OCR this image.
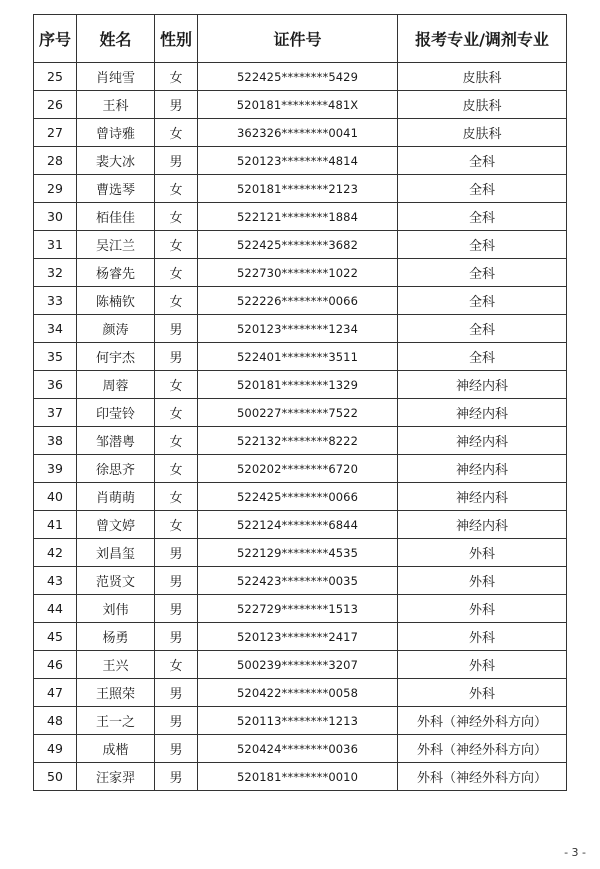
序号	姓名	性别	证件号	报考专业/调剂专业
25	肖纯雪	女	522425********5429	皮肤科
26	王科	男	520181********481X	皮肤科
27	曾诗雅	女	362326********0041	皮肤科
28	裴大冰	男	520123********4814	全科
29	曹选琴	女	520181********2123	全科
30	栢佳佳	女	522121********1884	全科
31	吴江兰	女	522425********3682	全科
32	杨睿先	女	522730********1022	全科
33	陈楠钦	女	522226********0066	全科
34	颜涛	男	520123********1234	全科
35	何宇杰	男	522401********3511	全科
36	周蓉	女	520181********1329	神经内科
37	印莹铃	女	500227********7522	神经内科
38	邹潜粤	女	522132********8222	神经内科
39	徐思齐	女	520202********6720	神经内科
40	肖萌萌	女	522425********0066	神经内科
41	曾文婷	女	522124********6844	神经内科
42	刘昌玺	男	522129********4535	外科
43	范贤文	男	522423********0035	外科
44	刘伟	男	522729********1513	外科
45	杨勇	男	520123********2417	外科
46	王兴	女	500239********3207	外科
47	王照荣	男	520422********0058	外科
48	王一之	男	520113********1213	外科（神经外科方向）
49	成楷	男	520424********0036	外科（神经外科方向）
50	汪家羿	男	520181********0010	外科（神经外科方向）
- 3 -
